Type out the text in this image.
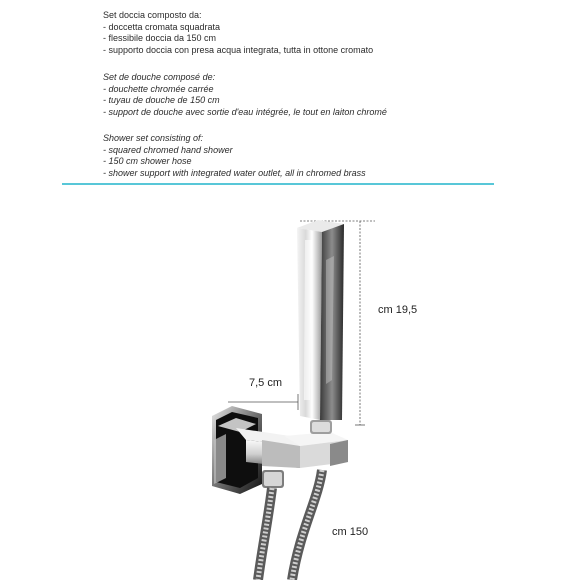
Set doccia composto da:

- doccetta cromata squadrata

- flessibile doccia da 150 cm

- supporto doccia con presa acqua integrata, tutta in ottone cromato

Set de douche composé de:

- douchette chromée carrée

- tuyau de douche de 150 cm

- support de douche avec sortie d'eau intégrée, le tout en laiton chromé

Shower set consisting of:

- squared chromed hand shower

- 150 cm shower hose

- shower support with integrated water outlet, all in chromed brass

cm 19,5
7,5 cm
cm 150
